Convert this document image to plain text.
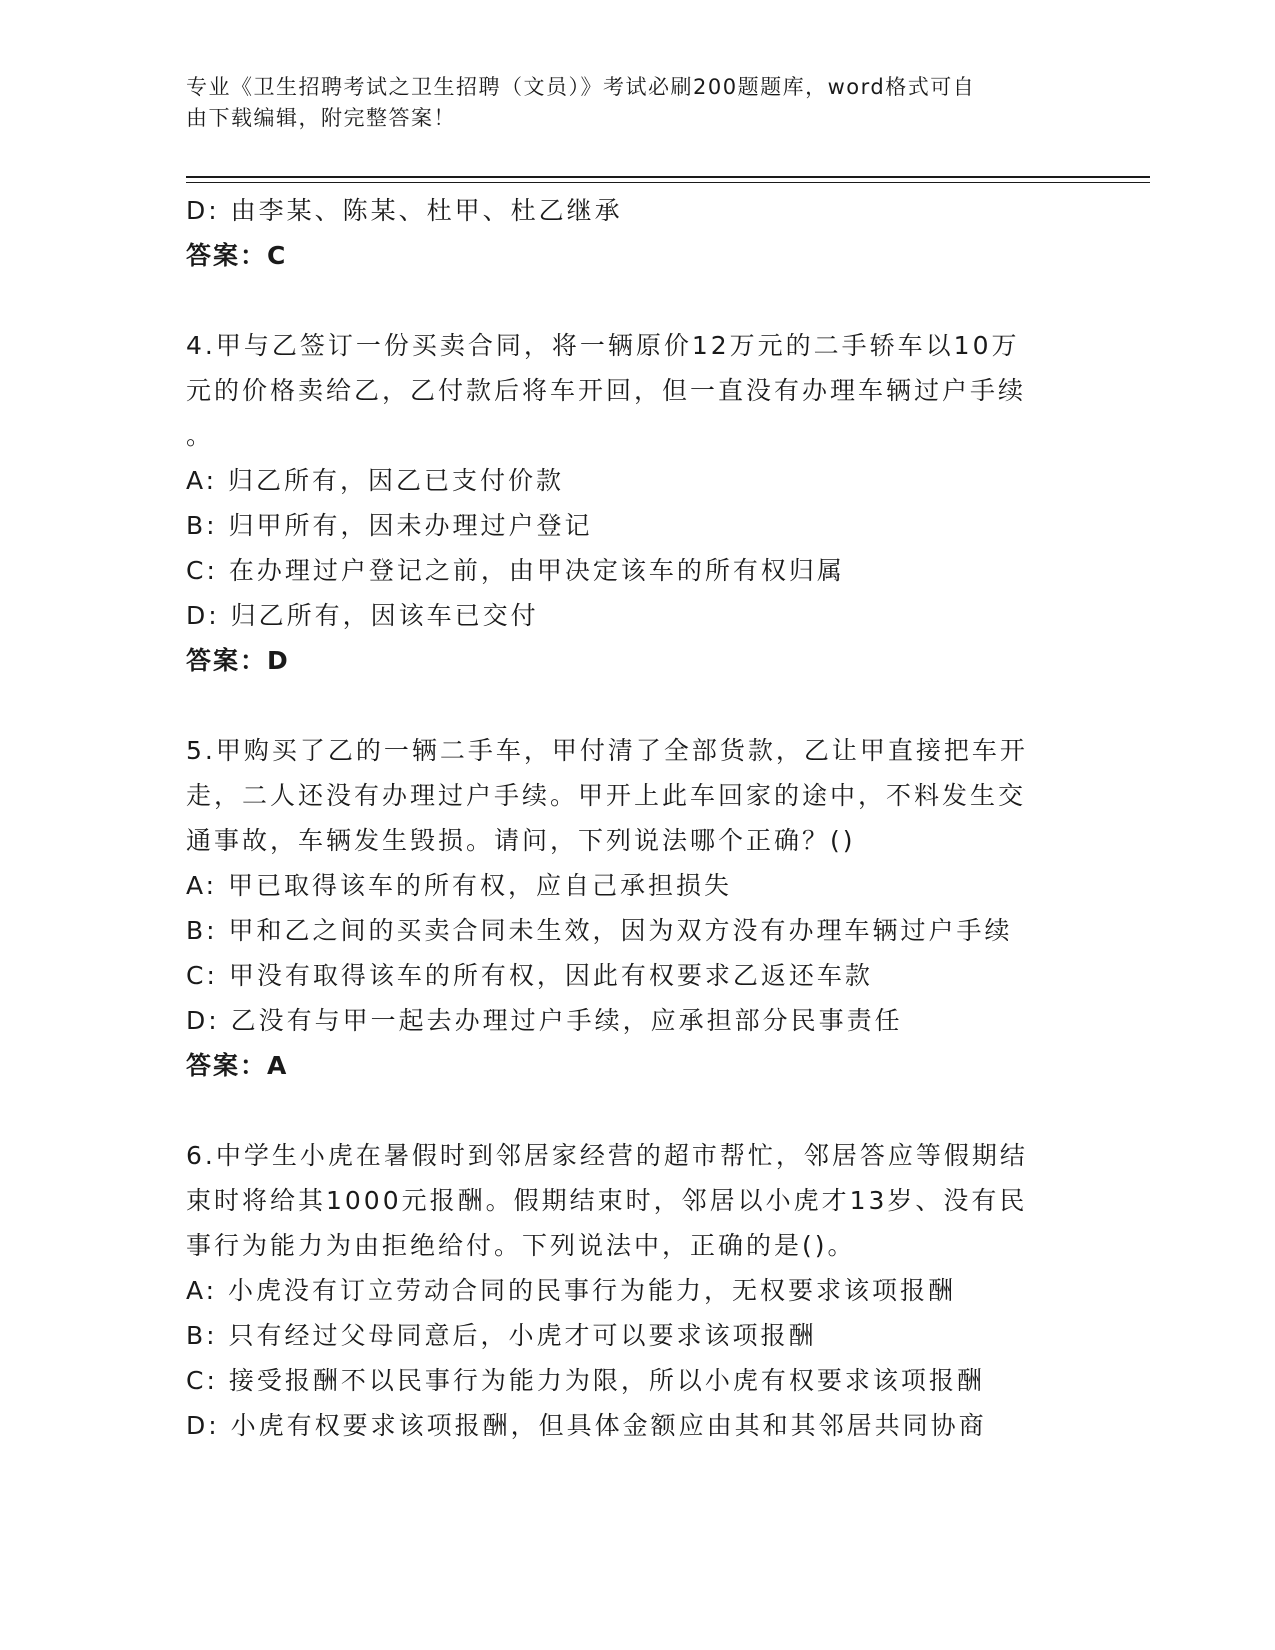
专业《卫生招聘考试之卫生招聘（文员）》考试必刷200题题库，word格式可自
由下载编辑，附完整答案！
D: 由李某、陈某、杜甲、杜乙继承
答案：C
4.甲与乙签订一份买卖合同，将一辆原价12万元的二手轿车以10万
元的价格卖给乙，乙付款后将车开回，但一直没有办理车辆过户手续
。
A: 归乙所有，因乙已支付价款
B: 归甲所有，因未办理过户登记
C: 在办理过户登记之前，由甲决定该车的所有权归属
D: 归乙所有，因该车已交付
答案：D
5.甲购买了乙的一辆二手车，甲付清了全部货款，乙让甲直接把车开
走，二人还没有办理过户手续。甲开上此车回家的途中，不料发生交
通事故，车辆发生毁损。请问，下列说法哪个正确？()
A: 甲已取得该车的所有权，应自己承担损失
B: 甲和乙之间的买卖合同未生效，因为双方没有办理车辆过户手续
C: 甲没有取得该车的所有权，因此有权要求乙返还车款
D: 乙没有与甲一起去办理过户手续，应承担部分民事责任
答案：A
6.中学生小虎在暑假时到邻居家经营的超市帮忙，邻居答应等假期结
束时将给其1000元报酬。假期结束时，邻居以小虎才13岁、没有民
事行为能力为由拒绝给付。下列说法中，正确的是()。
A: 小虎没有订立劳动合同的民事行为能力，无权要求该项报酬
B: 只有经过父母同意后，小虎才可以要求该项报酬
C: 接受报酬不以民事行为能力为限，所以小虎有权要求该项报酬
D: 小虎有权要求该项报酬，但具体金额应由其和其邻居共同协商
